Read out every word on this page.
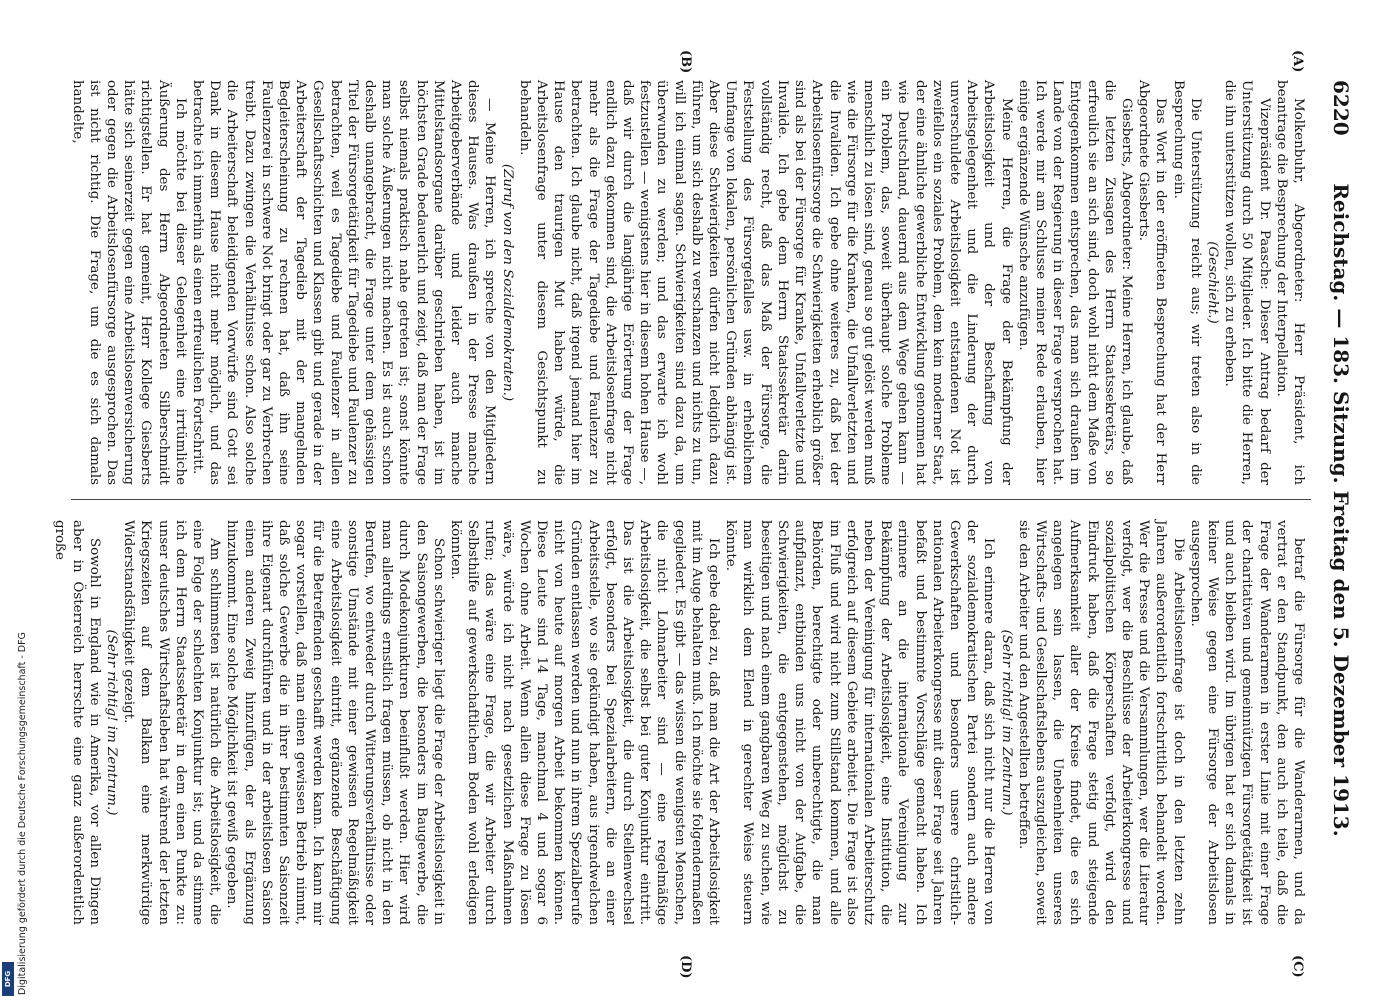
Digitalisierung gefördert durch die Deutsche Forschungsgemeinschaft - DFG
DFG
6220
Reichstag. — 183. Sitzung. Freitag den 5. Dezember 1913.
(A)
(B)
(C)
(D)

Molkenbuhr, Abgeordneter: Herr Präsident, ich beantrage die Besprechung der Interpellation.

Vizepräsident Dr. Paasche: Dieser Antrag bedarf der Unterstützung durch 50 Mitglieder. Ich bitte die Herren, die ihn unterstützen wollen, sich zu erheben.

(Geschieht.)

Die Unterstützung reicht aus; wir treten also in die Besprechung ein.

Das Wort in der eröffneten Besprechung hat der Herr Abgeordnete Giesberts.

Giesberts, Abgeordneter: Meine Herren, ich glaube, daß die letzten Zusagen des Herrn Staatssekretärs, so erfreulich sie an sich sind, doch wohl nicht dem Maße von Entgegenkommen entsprechen, das man sich draußen im Lande von der Regierung in dieser Frage versprochen hat. Ich werde mir am Schlusse meiner Rede erlauben, hier einige ergänzende Wünsche anzufügen.

Meine Herren, die Frage der Bekämpfung der Arbeitslosigkeit und der Beschaffung von Arbeitsgelegenheit und die Linderung der durch unverschuldete Arbeitslosigkeit entstandenen Not ist zweifellos ein soziales Problem, dem kein moderner Staat, der eine ähnliche gewerbliche Entwicklung genommen hat wie Deutschland, dauernd aus dem Wege gehen kann — ein Problem, das, soweit überhaupt solche Probleme menschlich zu lösen sind, genau so gut gelöst werden muß wie die Fürsorge für die Kranken, die Unfallverletzten und die Invaliden. Ich gebe ohne weiteres zu, daß bei der Arbeitslosenfürsorge die Schwierigkeiten erheblich größer sind als bei der Fürsorge für Kranke, Unfallverletzte und Invalide. Ich gebe dem Herrn Staatssekretär darin vollständig recht, daß das Maß der Fürsorge, die Feststellung des Fürsorgefalles usw. in erheblichem Umfange von lokalen, persönlichen Gründen abhängig ist. Aber diese Schwierigkeiten dürfen nicht lediglich dazu führen, um sich deshalb zu verschanzen und nichts zu tun, will ich einmal sagen. Schwierigkeiten sind dazu da, um überwunden zu werden; und das erwarte ich wohl festzustellen — wenigstens hier in diesem hohen Hause —, daß wir durch die langjährige Erörterung der Frage endlich dazu gekommen sind, die Arbeitslosenfrage nicht mehr als die Frage der Tagediebe und Faulenzer zu betrachten. Ich glaube nicht, daß irgend jemand hier im Hause den traurigen Mut haben würde, die Arbeitslosenfrage unter diesem Gesichtspunkt zu behandeln.

(Zuruf von den Sozialdemokraten.)

— Meine Herren, ich spreche von den Mitgliedern dieses Hauses. Was draußen in der Presse manche Arbeitgeberverbände und leider auch manche Mittelstandsorgane darüber geschrieben haben, ist im höchsten Grade bedauerlich und zeigt, daß man der Frage selbst niemals praktisch nahe getreten ist; sonst könnte man solche Äußerungen nicht machen. Es ist auch schon deshalb unangebracht, die Frage unter dem gehässigen Titel der Fürsorgetätigkeit für Tagediebe und Faulenzer zu betrachten, weil es Tagediebe und Faulenzer in allen Gesellschaftsschichten und Klassen gibt und gerade in der Arbeiterschaft der Tagedieb mit der mangelnden Begleiterscheinung zu rechnen hat, daß ihn seine Faulenzerei in schwere Not bringt oder gar zu Verbrechen treibt. Dazu zwingen die Verhältnisse schon. Also solche die Arbeiterschaft beleidigenden Vorwürfe sind Gott sei Dank in diesem Hause nicht mehr möglich, und das betrachte ich immerhin als einen erfreulichen Fortschritt.

Ich möchte bei dieser Gelegenheit eine irrtümliche Äußerung des Herrn Abgeordneten Silberschmidt richtigstellen. Er hat gemeint, Herr Kollege Giesberts hätte sich seinerzeit gegen eine Arbeitslosenversicherung oder gegen die Arbeitslosenfürsorge ausgesprochen. Das ist nicht richtig. Die Frage, um die es sich damals handelte,

betraf die Fürsorge für die Wanderarmen, und da vertrat er den Standpunkt, den auch ich teile, daß die Frage der Wanderarmen in erster Linie mit einer Frage der charitativen und gemeinnützigen Fürsorgetätigkeit ist und auch bleiben wird. Im übrigen hat er sich damals in keiner Weise gegen eine Fürsorge der Arbeitslosen ausgesprochen.

Die Arbeitslosenfrage ist doch in den letzten zehn Jahren außerordentlich fortschrittlich behandelt worden. Wer die Presse und die Versammlungen, wer die Literatur verfolgt, wer die Beschlüsse der Arbeiterkongresse und sozialpolitischen Körperschaften verfolgt, wird den Eindruck haben, daß die Frage stetig und steigende Aufmerksamkeit aller der Kreise findet, die es sich angelegen sein lassen, die Unebenheiten unseres Wirtschafts- und Gesellschaftslebens auszugleichen, soweit sie den Arbeiter und den Angestellten betreffen.

(Sehr richtig! im Zentrum.)

Ich erinnere daran, daß sich nicht nur die Herren von der sozialdemokratischen Partei sondern auch andere Gewerkschaften und besonders unsere christlich-nationalen Arbeiterkongresse mit dieser Frage seit Jahren befaßt und bestimmte Vorschläge gemacht haben. Ich erinnere an die internationale Vereinigung zur Bekämpfung der Arbeitslosigkeit, eine Institution, die neben der Vereinigung für internationalen Arbeiterschutz erfolgreich auf diesem Gebiete arbeitet. Die Frage ist also im Fluß und wird nicht zum Stillstand kommen, und alle Behörden, berechtigte oder unberechtigte, die man aufpflanzt, entbinden uns nicht von der Aufgabe, die Schwierigkeiten, die entgegenstehen, möglichst zu beseitigen und nach einem gangbaren Weg zu suchen, wie man wirklich dem Elend in gerechter Weise steuern könnte.

Ich gebe dabei zu, daß man die Art der Arbeitslosigkeit mit im Auge behalten muß. Ich möchte sie folgendermaßen gegliedert. Es gibt — das wissen die wenigsten Menschen, die nicht Lohnarbeiter sind — eine regelmäßige Arbeitslosigkeit, die selbst bei guter Konjunktur eintritt. Das ist die Arbeitslosigkeit, die durch Stellenwechsel erfolgt, besonders bei Spezialarbeitern, die an einer Arbeitsstelle, wo sie gekündigt haben, aus irgendwelchen Gründen entlassen werden und nun in ihrem Spezialberufe nicht von heute auf morgen Arbeit bekommen können. Diese Leute sind 14 Tage, manchmal 4 und sogar 6 Wochen ohne Arbeit. Wenn allein diese Frage zu lösen wäre, würde ich nicht nach gesetzlichen Maßnahmen rufen; das wäre eine Frage, die wir Arbeiter durch Selbsthilfe auf gewerkschaftlichem Boden wohl erledigen könnten.

Schon schwieriger liegt die Frage der Arbeitslosigkeit in den Saisongewerben, die besonders im Baugewerbe, die durch Modekonjunkturen beeinflußt werden. Hier wird man allerdings ernstlich fragen müssen, ob nicht in den Berufen, wo entweder durch Witterungsverhältnisse oder sonstige Umstände mit einer gewissen Regelmäßigkeit eine Arbeitslosigkeit eintritt, ergänzende Beschäftigung für die Betreffenden geschafft werden kann. Ich kann mir sogar vorstellen, daß man einen gewissen Betrieb nimmt, daß solche Gewerbe die in ihrer bestimmten Saisonzeit ihre Eigenart durchführen und in der arbeitslosen Saison einen anderen Zweig hinzufügen, der als Ergänzung hinzukommt. Eine solche Möglichkeit ist gewiß gegeben.

Am schlimmsten ist natürlich die Arbeitslosigkeit, die eine Folge der schlechten Konjunktur ist; und da stimme ich dem Herrn Staatssekretär in dem einen Punkte zu: unser deutsches Wirtschaftsleben hat während der letzten Kriegszeiten auf dem Balkan eine merkwürdige Widerstandsfähigkeit gezeigt.

(Sehr richtig! im Zentrum.)

Sowohl in England wie in Amerika, vor allen Dingen aber in Österreich herrschte eine ganz außerordentlich große
